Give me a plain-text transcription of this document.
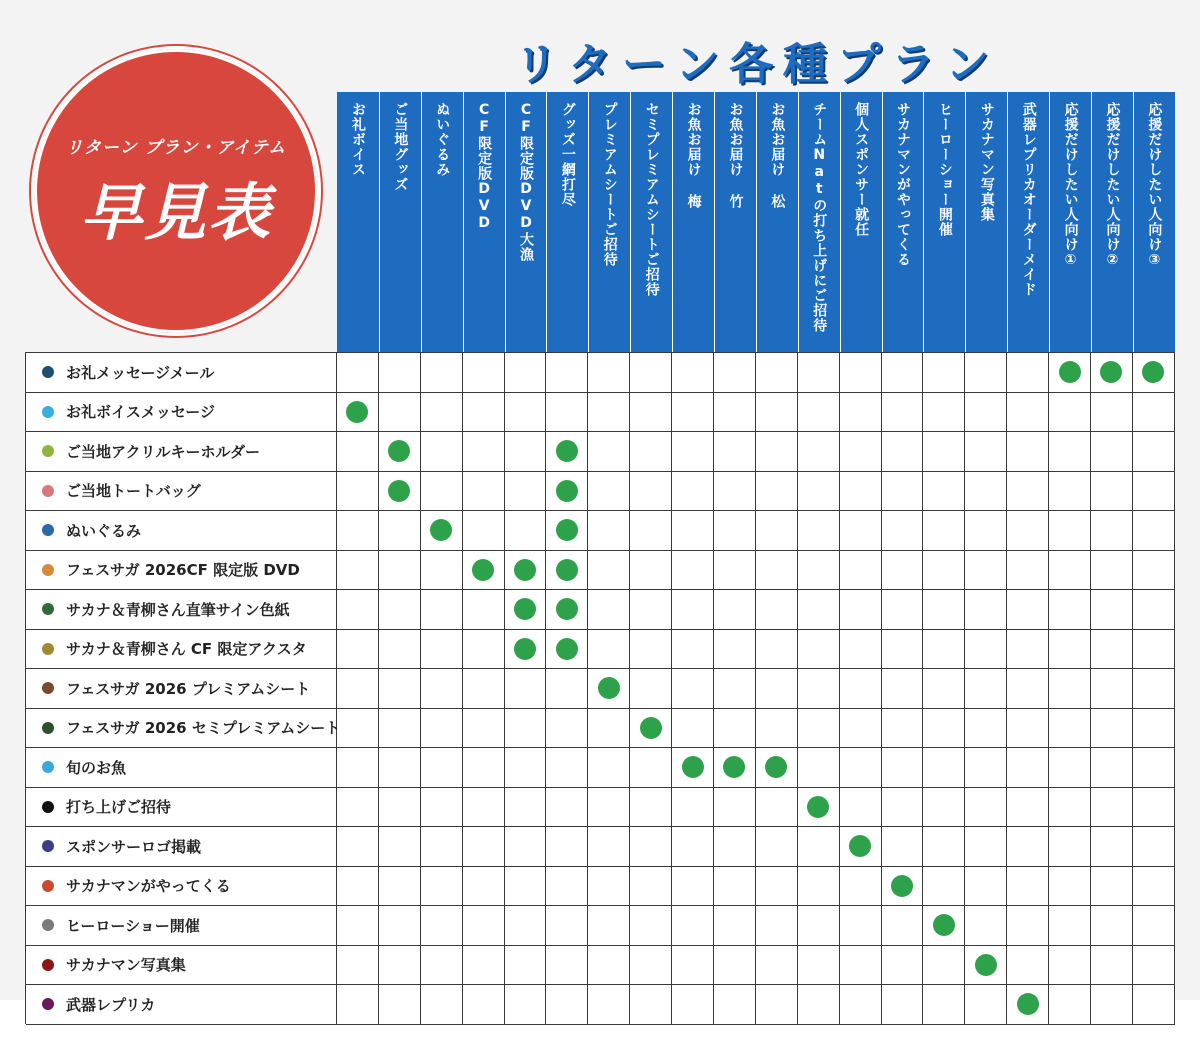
リターン プラン・アイテム
早見表
リターン各種プラン
お礼ボイス ご当地グッズ ぬいぐるみ CF限定版DVD CF限定版DVD大漁 グッズ一網打尽 プレミアムシートご招待 セミプレミアムシートご招待 お魚お届け 梅 お魚お届け 竹 お魚お届け 松 チームNatの打ち上げにご招待 個人スポンサー就任 サカナマンがやってくる ヒーローショー開催 サカナマン写真集 武器レプリカオーダーメイド 応援だけしたい人向け① 応援だけしたい人向け② 応援だけしたい人向け③
お礼メッセージメール
お礼ボイスメッセージ
ご当地アクリルキーホルダー
ご当地トートバッグ
ぬいぐるみ
フェスサガ 2026CF 限定版 DVD
サカナ＆青柳さん直筆サイン色紙
サカナ＆青柳さん CF 限定アクスタ
フェスサガ 2026 プレミアムシート
フェスサガ 2026 セミプレミアムシート
旬のお魚
打ち上げご招待
スポンサーロゴ掲載
サカナマンがやってくる
ヒーローショー開催
サカナマン写真集
武器レプリカ
